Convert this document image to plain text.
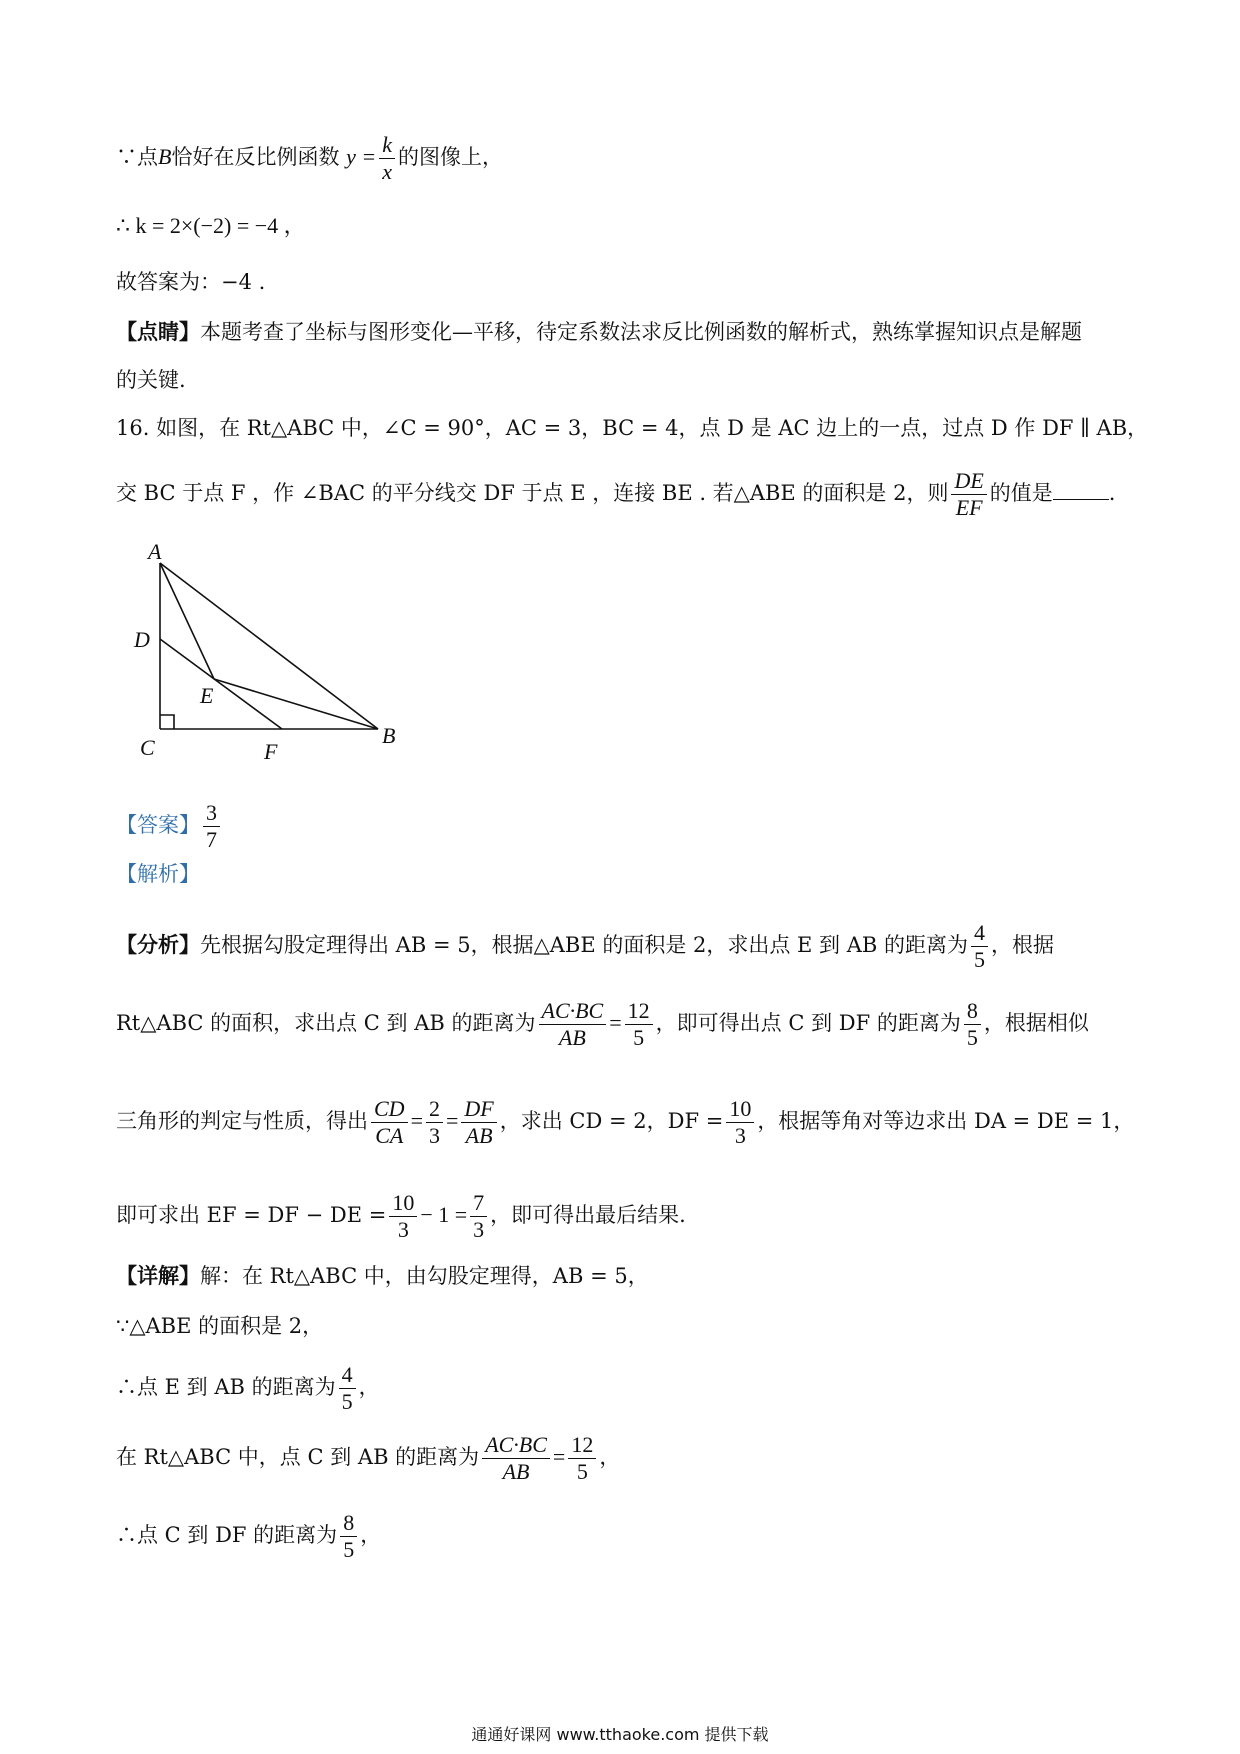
∵点B恰好在反比例函数 $y = \frac{k}{x}$ 的图像上，
∴ k = 2×(−2) = −4 ，
故答案为：−4 .
【点睛】本题考查了坐标与图形变化—平移，待定系数法求反比例函数的解析式，熟练掌握知识点是解题
的关键.
16. 如图，在 Rt△ABC 中，∠C = 90°，AC = 3，BC = 4，点 D 是 AC 边上的一点，过点 D 作 DF ∥ AB，
交 BC 于点 F ，作 ∠BAC 的平分线交 DF 于点 E ，连接 BE . 若△ABE 的面积是 2，则 $\frac{DE}{EF}$ 的值是	.
A
D
E
C	F
B
【答案】 $\frac{3}{7}$
【解析】
【分析】先根据勾股定理得出 AB = 5，根据△ABE 的面积是 2，求出点 E 到 AB 的距离为 $\frac{4}{5}$ ，根据
Rt△ABC 的面积，求出点 C 到 AB 的距离为 $\frac{AC\cdot BC}{AB} = \frac{12}{5}$ ，即可得出点 C 到 DF 的距离为 $\frac{8}{5}$ ，根据相似
三角形的判定与性质，得出 $\frac{CD}{CA} = \frac{2}{3} = \frac{DF}{AB}$ ，求出 CD = 2，DF = $\frac{10}{3}$ ，根据等角对等边求出 DA = DE = 1，
即可求出 EF = DF − DE = $\frac{10}{3} - 1 = \frac{7}{3}$ ，即可得出最后结果.
【详解】解：在 Rt△ABC 中，由勾股定理得，AB = 5，
∵△ABE 的面积是 2，
∴点 E 到 AB 的距离为 $\frac{4}{5}$ ，
在 Rt△ABC 中，点 C 到 AB 的距离为 $\frac{AC\cdot BC}{AB} = \frac{12}{5}$ ，
∴点 C 到 DF 的距离为 $\frac{8}{5}$ ，
通通好课网 www.tthaoke.com 提供下载
